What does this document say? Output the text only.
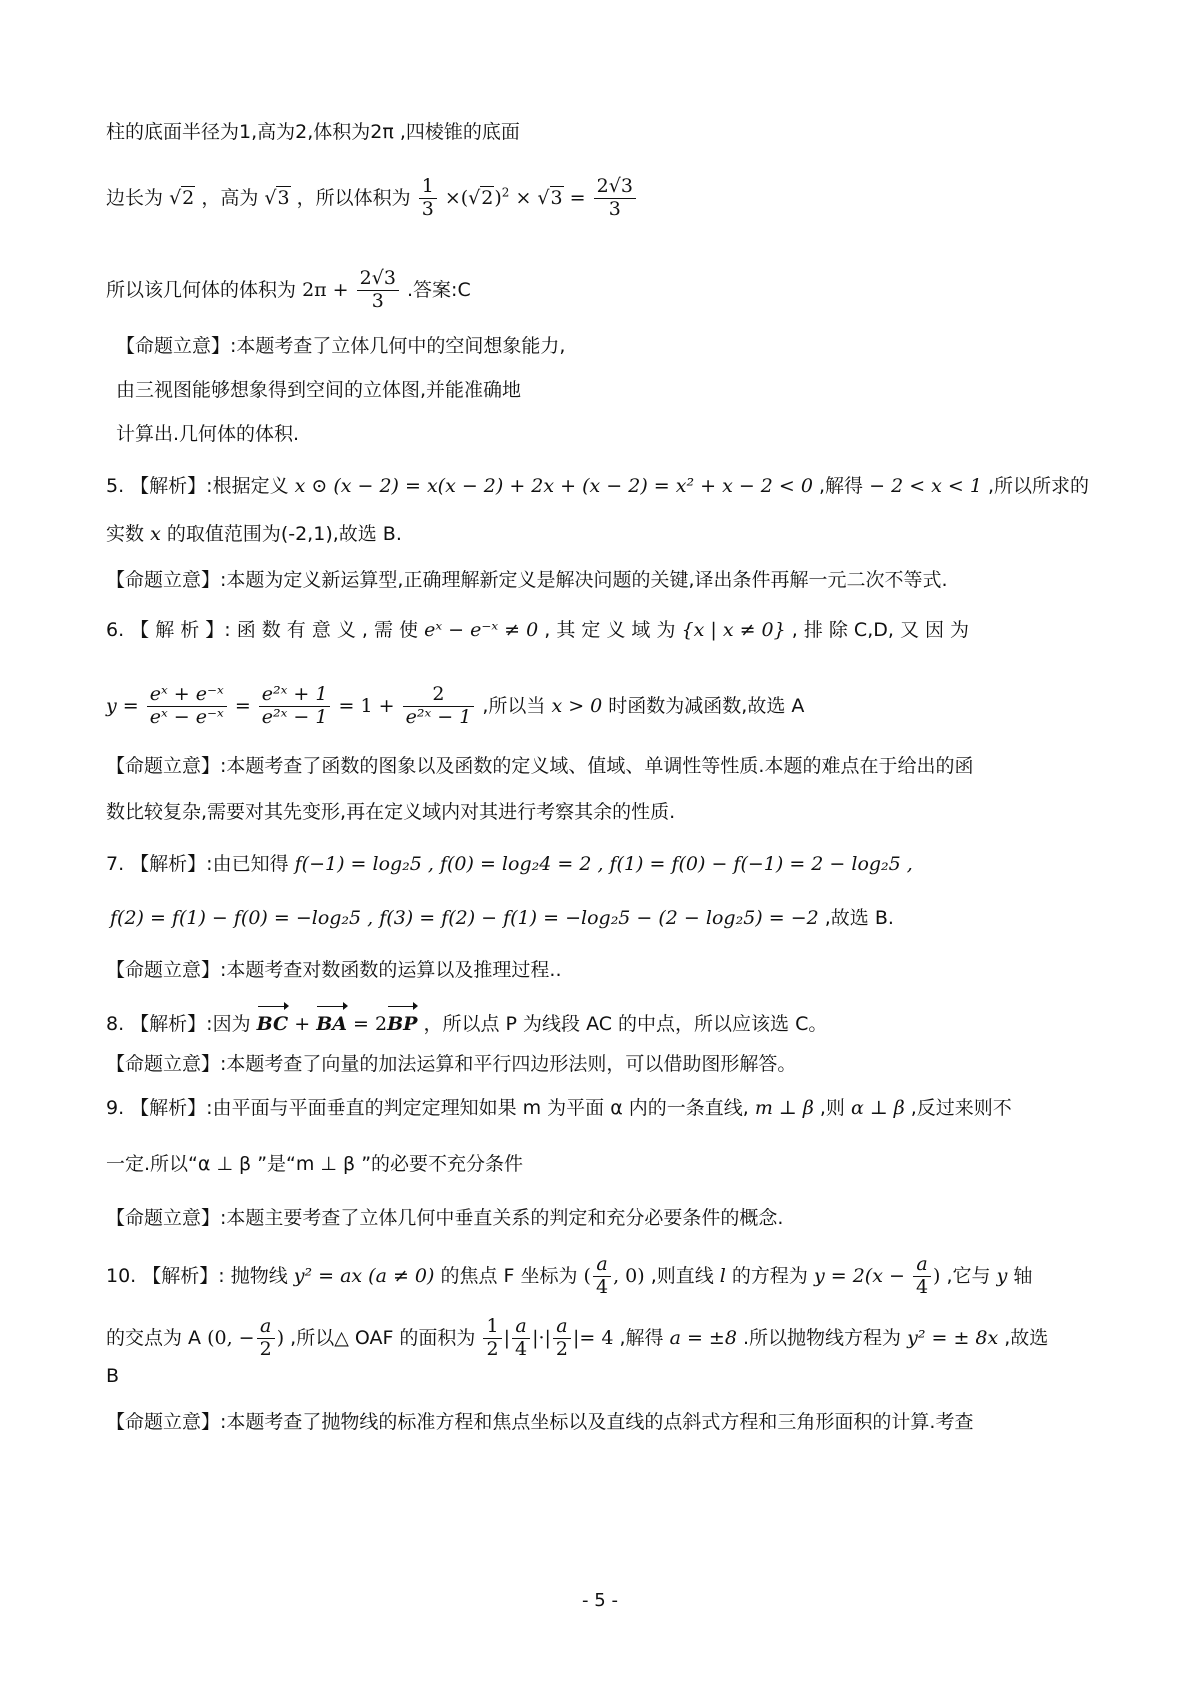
柱的底面半径为1,高为2,体积为2π ,四棱锥的底面
边长为 √2 ，高为 √3 ，所以体积为 $\frac{1}{3} \times(√2)^2 \times √3 = \frac{2√3}{3}$
所以该几何体的体积为 $2\pi + \frac{2√3}{3}$ .答案:C
【命题立意】:本题考查了立体几何中的空间想象能力,
由三视图能够想象得到空间的立体图,并能准确地
计算出.几何体的体积.
5. 【解析】:根据定义 x ⊙ (x − 2) = x(x − 2) + 2x + (x − 2) = x² + x − 2 < 0 ,解得 − 2 < x < 1 ,所以所求的
实数 x 的取值范围为(-2,1),故选 B.
【命题立意】:本题为定义新运算型,正确理解新定义是解决问题的关键,译出条件再解一元二次不等式.
6. 【 解 析 】: 函 数 有 意 义 , 需 使 eˣ − e⁻ˣ ≠ 0 , 其 定 义 域 为 {x | x ≠ 0} , 排 除 C,D, 又 因 为
$y = \frac{\text{eˣ + e⁻ˣ}}{\text{eˣ − e⁻ˣ}} = \frac{\text{e²ˣ + 1}}{\text{e²ˣ − 1}} = 1 + \frac{2}{\text{e²ˣ − 1}}$ ,所以当 x > 0 时函数为减函数,故选 A
【命题立意】:本题考查了函数的图象以及函数的定义域、值域、单调性等性质.本题的难点在于给出的函
数比较复杂,需要对其先变形,再在定义域内对其进行考察其余的性质.
7. 【解析】:由已知得 f(−1) = log₂5 , f(0) = log₂4 = 2 , f(1) = f(0) − f(−1) = 2 − log₂5 ,
f(2) = f(1) − f(0) = −log₂5 , f(3) = f(2) − f(1) = −log₂5 − (2 − log₂5) = −2 ,故选 B.
【命题立意】:本题考查对数函数的运算以及推理过程..
8. 【解析】:因为 BC + BA = 2BP ，所以点 P 为线段 AC 的中点，所以应该选 C。
【命题立意】:本题考查了向量的加法运算和平行四边形法则，可以借助图形解答。
9. 【解析】:由平面与平面垂直的判定定理知如果 m 为平面 α 内的一条直线, m ⊥ β ,则 α ⊥ β ,反过来则不
一定.所以“α ⊥ β ”是“m ⊥ β ”的必要不充分条件
【命题立意】:本题主要考查了立体几何中垂直关系的判定和充分必要条件的概念.
10. 【解析】: 抛物线 y² = ax (a ≠ 0) 的焦点 F 坐标为 ( $\frac{a}{4}$ , 0) ,则直线 l 的方程为 $y = 2(x - \frac{a}{4}$ ) ,它与 y 轴
的交点为 A (0, − $\frac{a}{2}$ ) ,所以△ OAF 的面积为 $\frac{1}{2}$ | $\frac{a}{4}$ |·| $\frac{a}{2}$ |= 4 ,解得 a = ±8 .所以抛物线方程为 y² = ± 8x ,故选
B
【命题立意】:本题考查了抛物线的标准方程和焦点坐标以及直线的点斜式方程和三角形面积的计算.考查
- 5 -
